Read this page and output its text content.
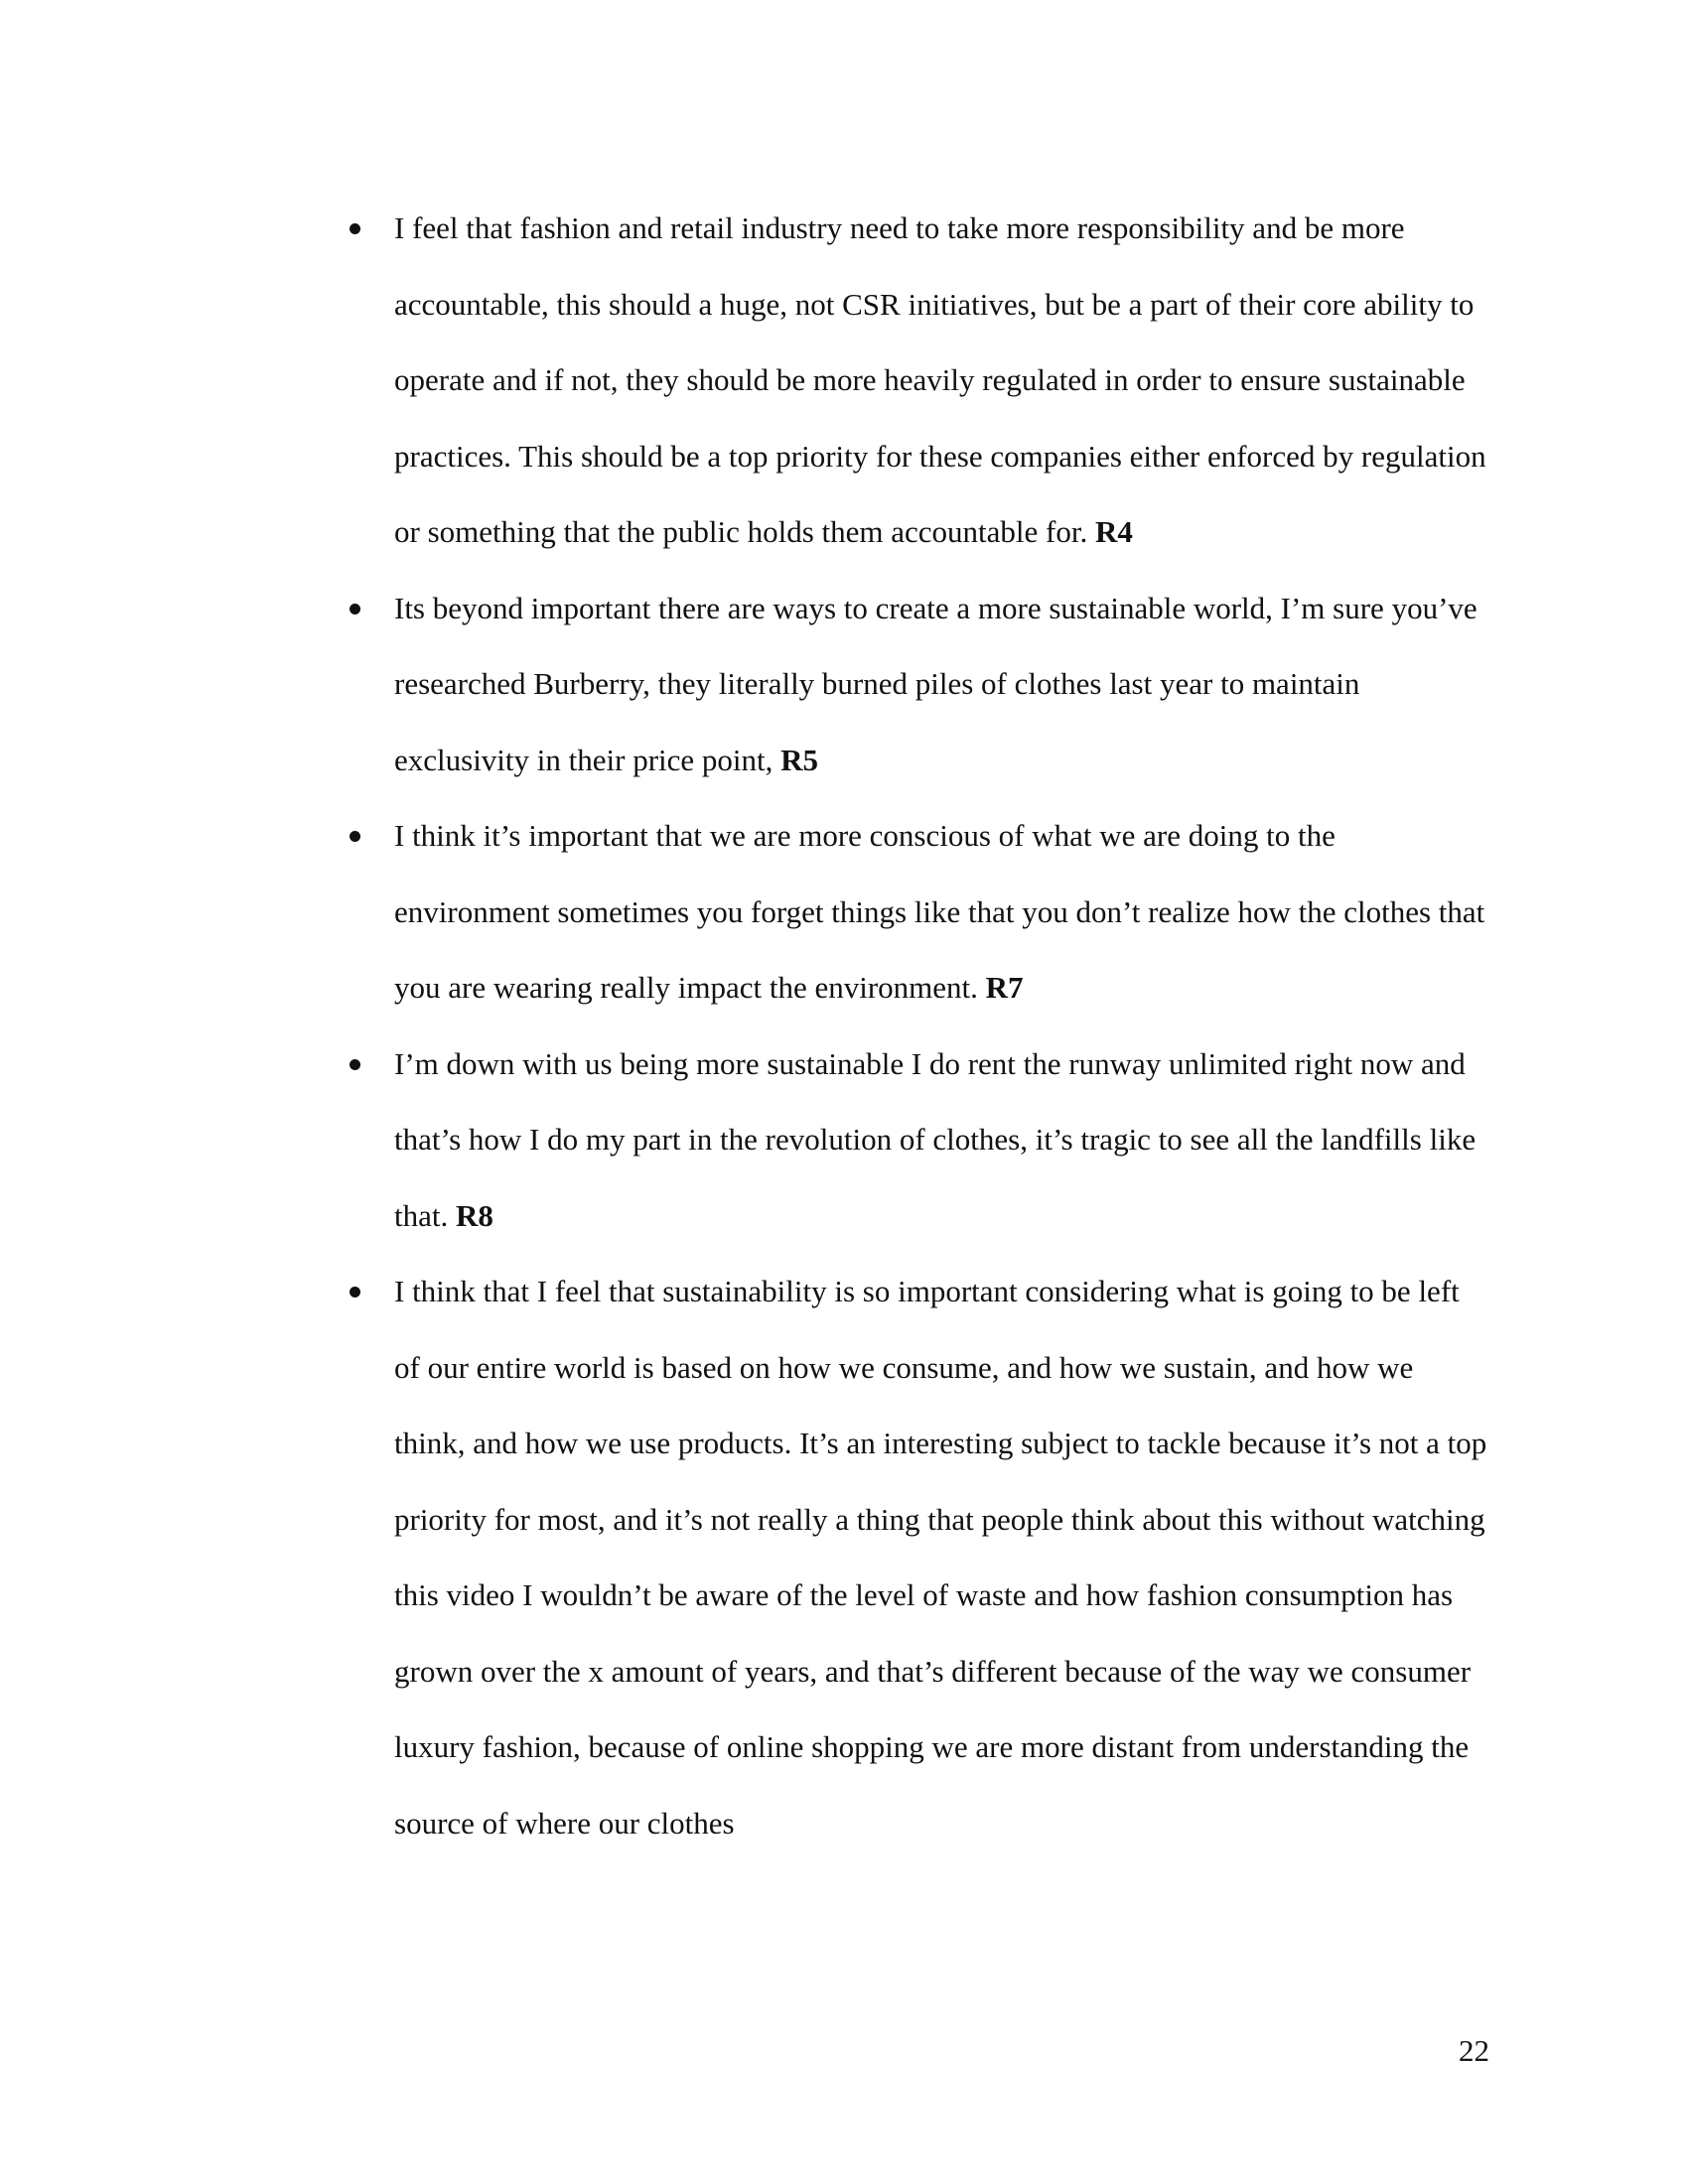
I feel that fashion and retail industry need to take more responsibility and be more accountable, this should a huge, not CSR initiatives, but be a part of their core ability to operate and if not, they should be more heavily regulated in order to ensure sustainable practices. This should be a top priority for these companies either enforced by regulation or something that the public holds them accountable for. R4
Its beyond important there are ways to create a more sustainable world, I’m sure you’ve researched Burberry, they literally burned piles of clothes last year to maintain exclusivity in their price point, R5
I think it’s important that we are more conscious of what we are doing to the environment sometimes you forget things like that you don’t realize how the clothes that you are wearing really impact the environment. R7
I’m down with us being more sustainable I do rent the runway unlimited right now and that’s how I do my part in the revolution of clothes, it’s tragic to see all the landfills like that. R8
I think that I feel that sustainability is so important considering what is going to be left of our entire world is based on how we consume, and how we sustain, and how we think, and how we use products. It’s an interesting subject to tackle because it’s not a top priority for most, and it’s not really a thing that people think about this without watching this video I wouldn’t be aware of the level of waste and how fashion consumption has grown over the x amount of years, and that’s different because of the way we consumer luxury fashion, because of online shopping we are more distant from understanding the source of where our clothes
22
